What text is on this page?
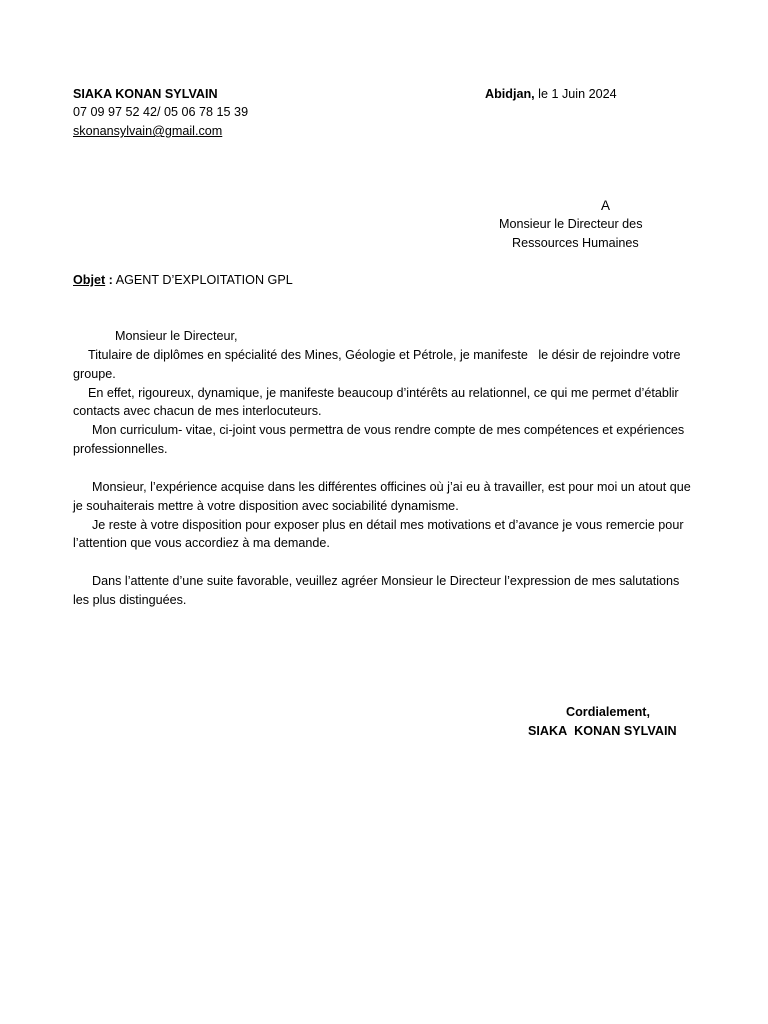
SIAKA KONAN SYLVAIN
07 09 97 52 42/ 05 06 78 15 39
skonansylvain@gmail.com
Abidjan, le 1 Juin 2024
A
Monsieur le Directeur des
Ressources Humaines
Objet : AGENT D’EXPLOITATION GPL
Monsieur le Directeur,

Titulaire de diplômes en spécialité des Mines, Géologie et Pétrole, je manifeste   le désir de rejoindre votre groupe.

En effet, rigoureux, dynamique, je manifeste beaucoup d’intérêts au relationnel, ce qui me permet d’établir contacts avec chacun de mes interlocuteurs.

Mon curriculum- vitae, ci-joint vous permettra de vous rendre compte de mes compétences et expériences professionnelles.

Monsieur, l’expérience acquise dans les différentes officines où j’ai eu à travailler, est pour moi un atout que je souhaiterais mettre à votre disposition avec sociabilité dynamisme.

Je reste à votre disposition pour exposer plus en détail mes motivations et d’avance je vous remercie pour l’attention que vous accordiez à ma demande.

Dans l’attente d’une suite favorable, veuillez agréer Monsieur le Directeur l’expression de mes salutations les plus distinguées.

Cordialement,
SIAKA  KONAN SYLVAIN
